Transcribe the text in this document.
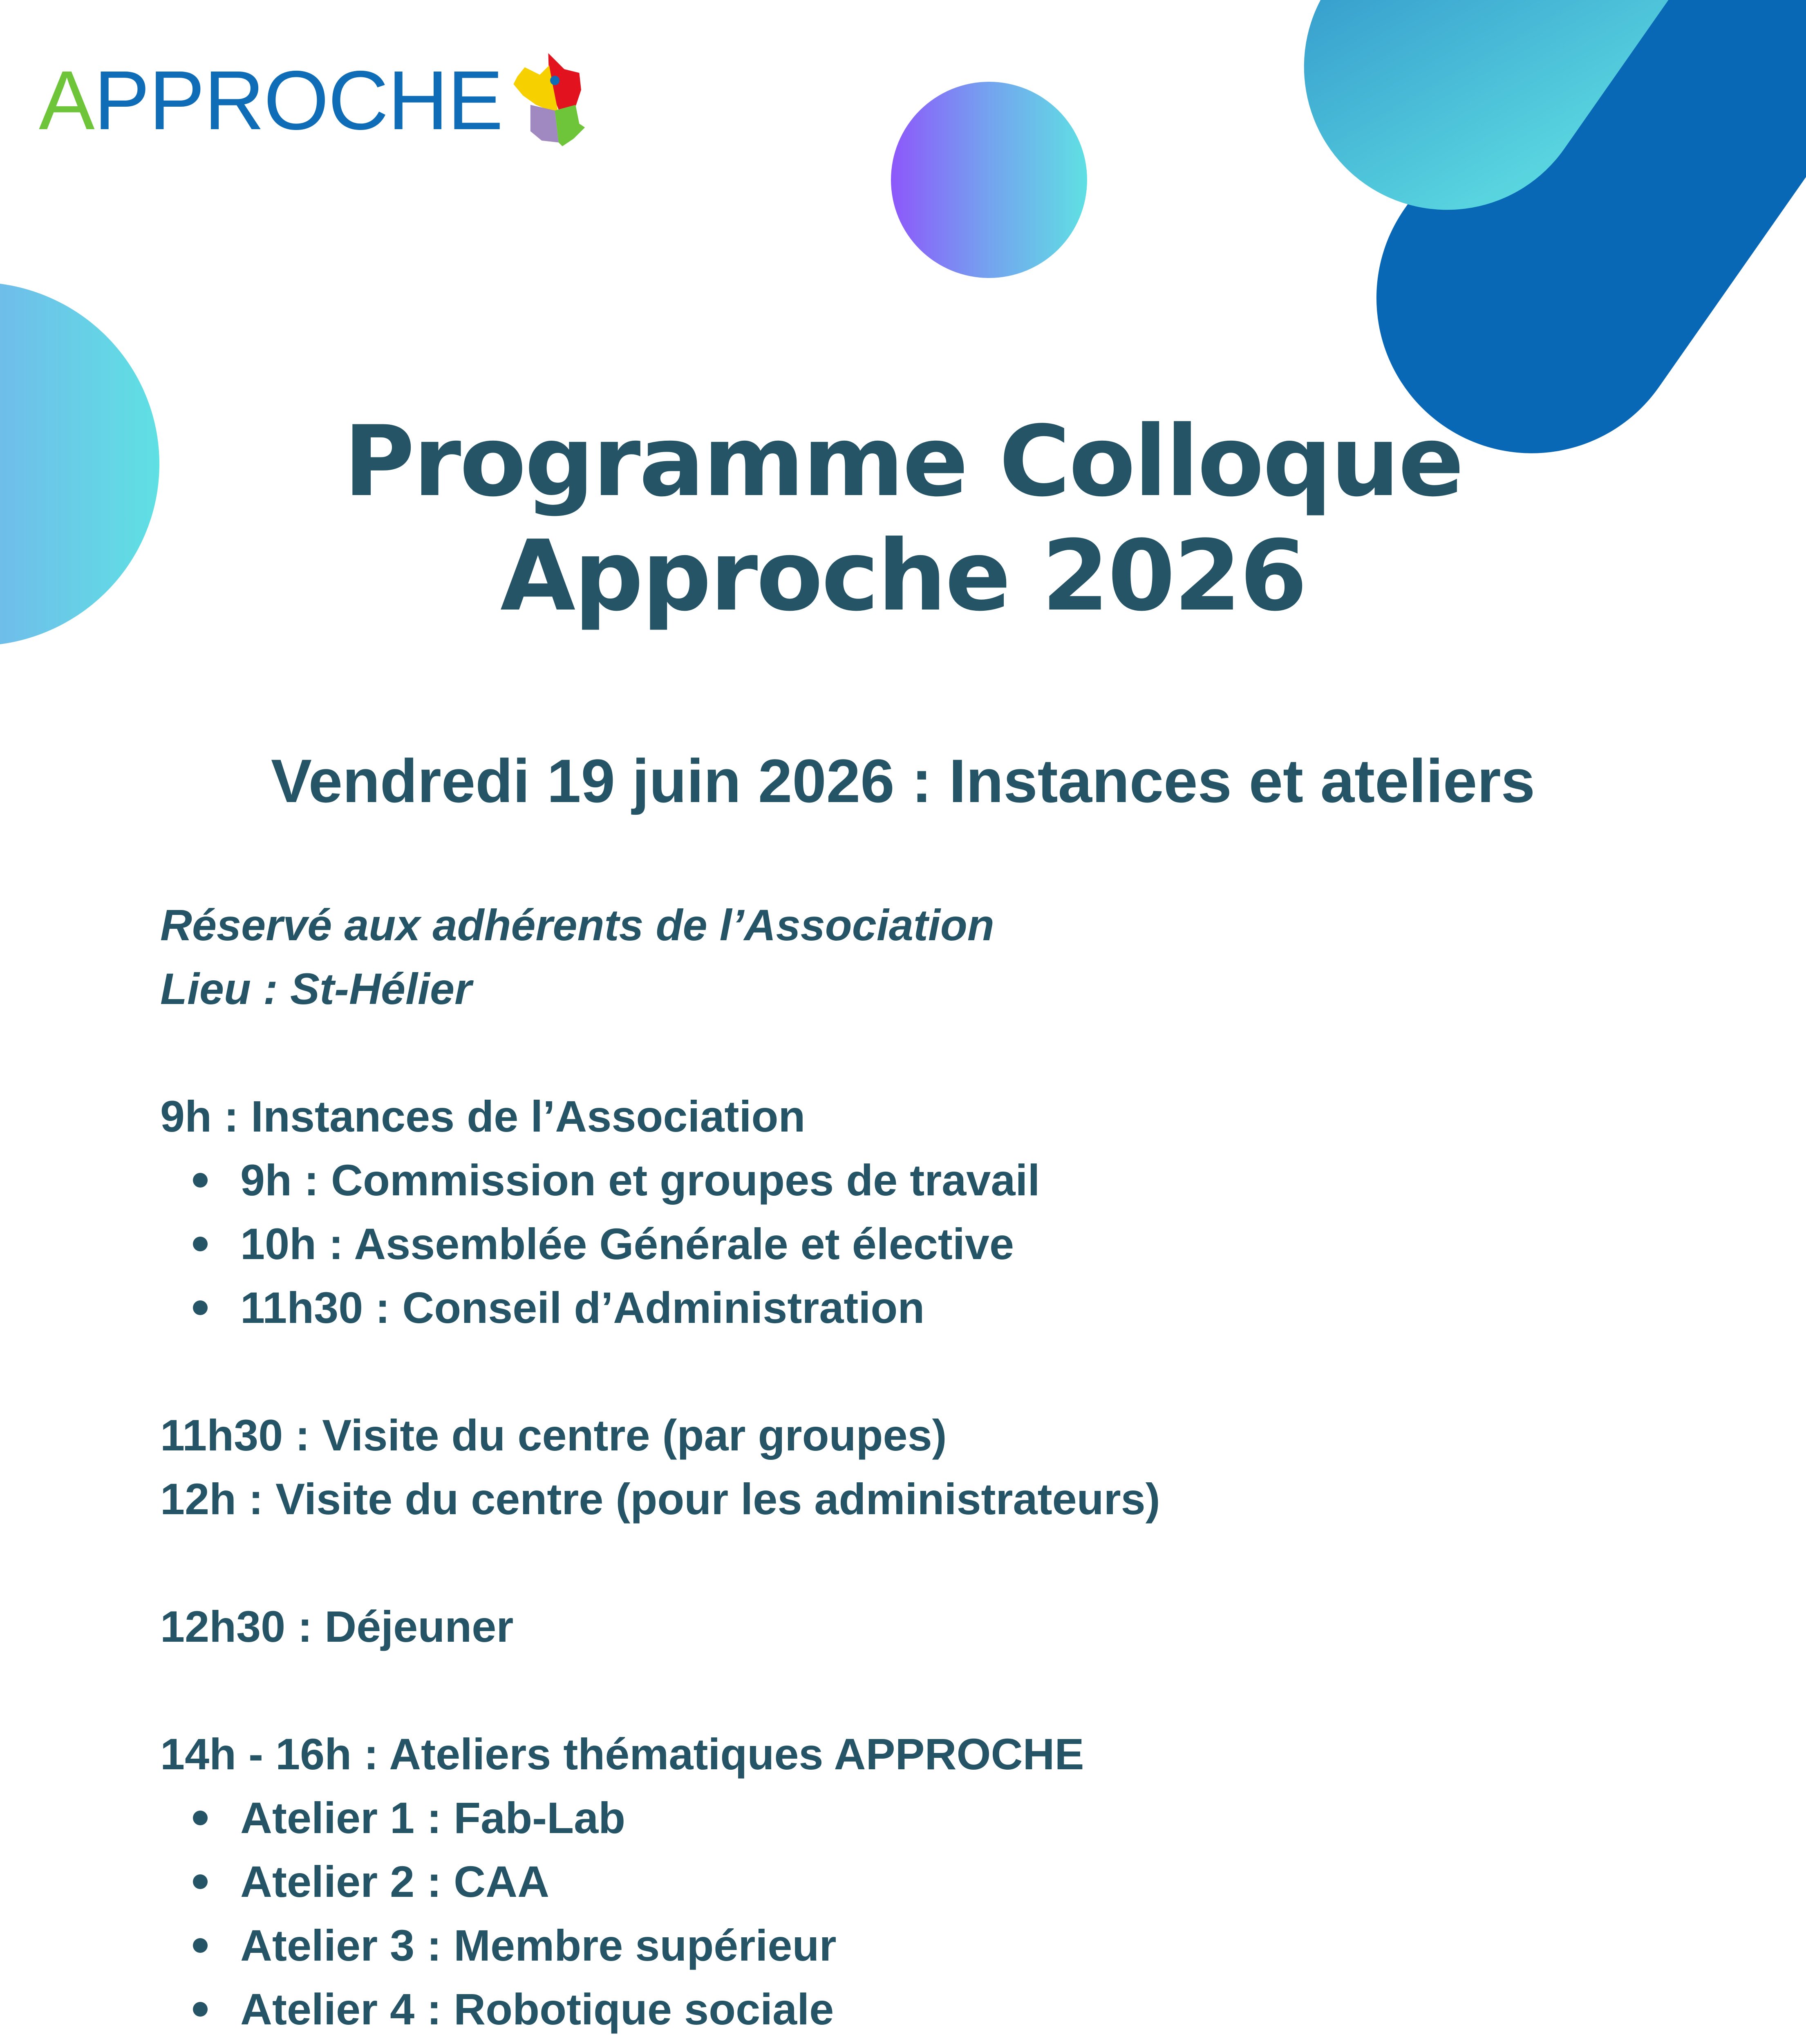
APPROCHE
Programme Colloque
Approche 2026
Vendredi 19 juin 2026 : Instances et ateliers
Réservé aux adhérents de l’Association
Lieu : St-Hélier
9h : Instances de l’Association
9h : Commission et groupes de travail
10h : Assemblée Générale et élective
11h30 : Conseil d’Administration
11h30 : Visite du centre (par groupes)
12h : Visite du centre (pour les administrateurs)
12h30 : Déjeuner
14h - 16h : Ateliers thématiques APPROCHE
Atelier 1 : Fab-Lab
Atelier 2 : CAA
Atelier 3 : Membre supérieur
Atelier 4 : Robotique sociale
